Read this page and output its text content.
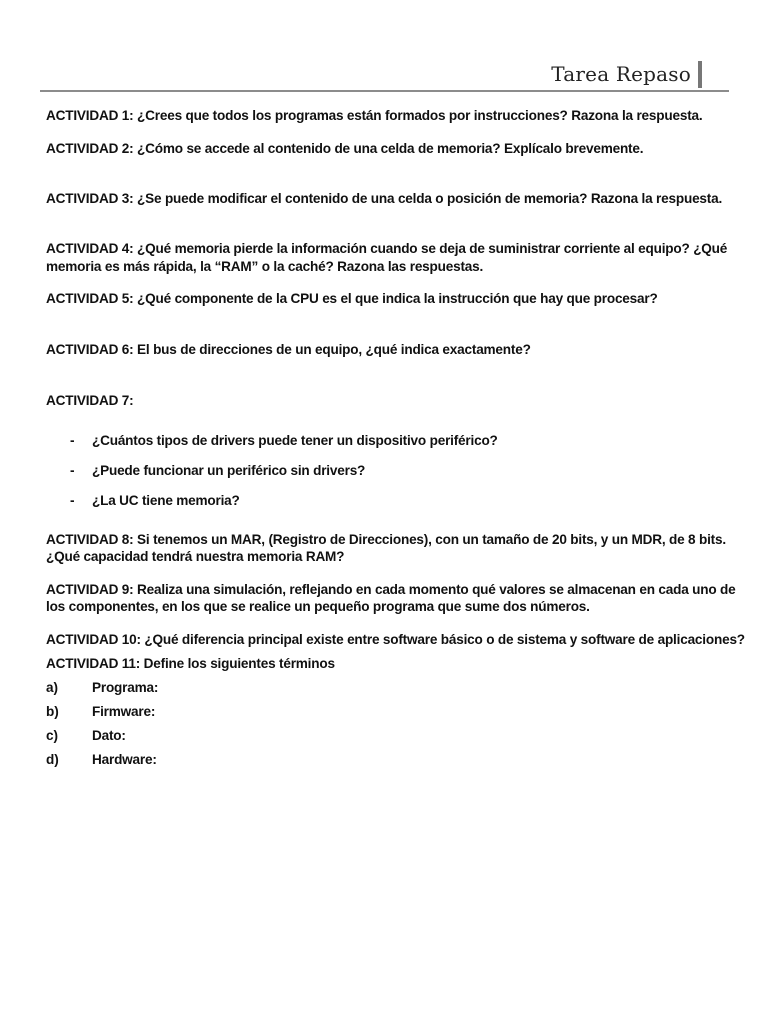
Tarea Repaso
ACTIVIDAD 1: ¿Crees que todos los programas están formados por instrucciones? Razona la respuesta.
ACTIVIDAD 2: ¿Cómo se accede al contenido de una celda de memoria? Explícalo brevemente.
ACTIVIDAD 3: ¿Se puede modificar el contenido de una celda o posición de memoria? Razona la respuesta.
ACTIVIDAD 4: ¿Qué memoria pierde la información cuando se deja de suministrar corriente al equipo? ¿Qué
memoria es más rápida, la “RAM” o la caché? Razona las respuestas.
ACTIVIDAD 5: ¿Qué componente de la CPU es el que indica la instrucción que hay que procesar?
ACTIVIDAD 6: El bus de direcciones de un equipo, ¿qué indica exactamente?
ACTIVIDAD 7:
- ¿Cuántos tipos de drivers puede tener un dispositivo periférico?
- ¿Puede funcionar un periférico sin drivers?
- ¿La UC tiene memoria?
ACTIVIDAD 8: Si tenemos un MAR, (Registro de Direcciones), con un tamaño de 20 bits, y un MDR, de 8 bits.
¿Qué capacidad tendrá nuestra memoria RAM?
ACTIVIDAD 9: Realiza una simulación, reflejando en cada momento qué valores se almacenan en cada uno de
los componentes, en los que se realice un pequeño programa que sume dos números.
ACTIVIDAD 10: ¿Qué diferencia principal existe entre software básico o de sistema y software de aplicaciones?
ACTIVIDAD 11: Define los siguientes términos
a) Programa:
b) Firmware:
c) Dato:
d) Hardware:
